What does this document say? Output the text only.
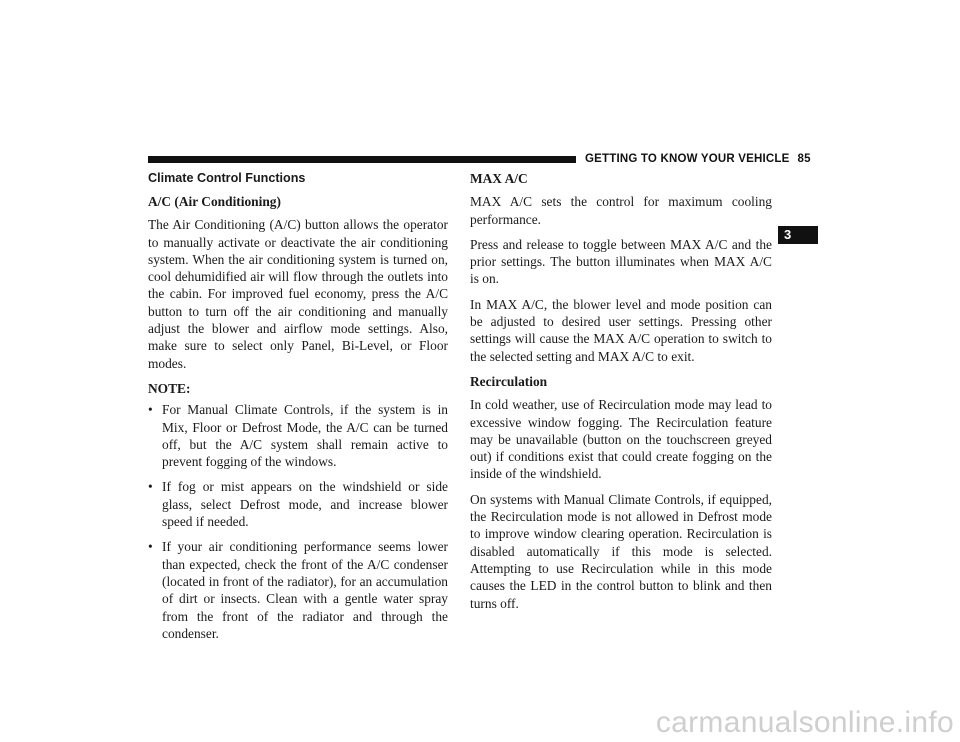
GETTING TO KNOW YOUR VEHICLE 85
3
Climate Control Functions
A/C (Air Conditioning)

The Air Conditioning (A/C) button allows the operator to manually activate or deactivate the air conditioning system. When the air conditioning system is turned on, cool dehumidified air will flow through the outlets into the cabin. For improved fuel economy, press the A/C button to turn off the air conditioning and manually adjust the blower and airflow mode settings. Also, make sure to select only Panel, Bi-Level, or Floor modes.

NOTE:
• For Manual Climate Controls, if the system is in Mix, Floor or Defrost Mode, the A/C can be turned off, but the A/C system shall remain active to prevent fogging of the windows.
• If fog or mist appears on the windshield or side glass, select Defrost mode, and increase blower speed if needed.
• If your air conditioning performance seems lower than expected, check the front of the A/C condenser (located in front of the radiator), for an accumulation of dirt or insects. Clean with a gentle water spray from the front of the radiator and through the condenser.
MAX A/C

MAX A/C sets the control for maximum cooling performance.

Press and release to toggle between MAX A/C and the prior settings. The button illuminates when MAX A/C is on.

In MAX A/C, the blower level and mode position can be adjusted to desired user settings. Pressing other settings will cause the MAX A/C operation to switch to the selected setting and MAX A/C to exit.

Recirculation

In cold weather, use of Recirculation mode may lead to excessive window fogging. The Recirculation feature may be unavailable (button on the touchscreen greyed out) if conditions exist that could create fogging on the inside of the windshield.

On systems with Manual Climate Controls, if equipped, the Recirculation mode is not allowed in Defrost mode to improve window clearing operation. Recirculation is disabled automatically if this mode is selected. Attempting to use Recirculation while in this mode causes the LED in the control button to blink and then turns off.

carmanualsonline.info
